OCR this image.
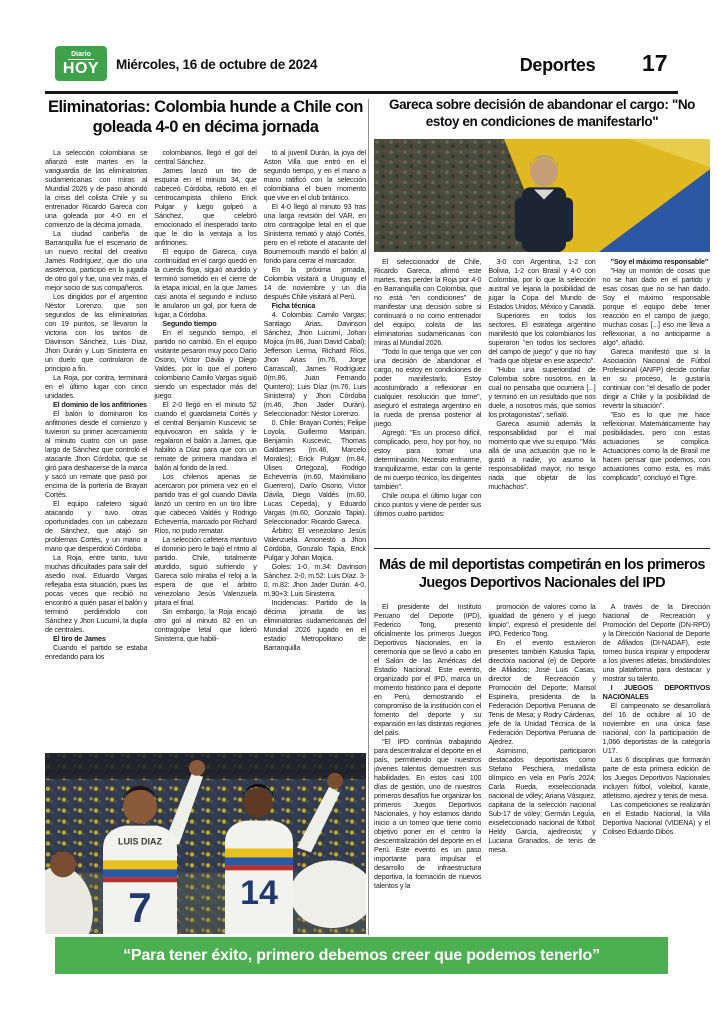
Diario
HOY Miércoles, 16 de octubre de 2024	Deportes	17
Eliminatorias: Colombia hunde a Chile con goleada 4-0 en décima jornada

La selección colombiana se afianzó este martes en la vanguardia de las eliminatorias sudamericanas con miras al Mundial 2026 y de paso ahondó la crisis del colista Chile y su entrenador Ricardo Gareca con una goleada por 4-0 en el comienzo de la décima jornada.

La ciudad caribeña de Barranquilla fue el escenario de un nuevo recital del creativo James Rodríguez, que dio una asistencia, participó en la jugada de otro gol y fue, una vez más, el mejor socio de sus compañeros.

Los dirigidos por el argentino Néstor Lorenzo, que son segundos de las eliminatorias con 19 puntos, se llevaron la victoria con los tantos de Davinson Sánchez, Luis Díaz, Jhon Durán y Luis Sinisterra en un duelo que controlaron de principio a fin.

La Roja, por contra, terminará en el último lugar con cinco unidades.

El dominio de los anfitriones

El balón lo dominaron los anfitriones desde el comienzo y tuvieron su primer acercamiento al minuto cuatro con un pase largo de Sánchez que controló el atacante Jhon Córdoba, que se giró para deshacerse de la marca y sacó un remate que pasó por encima de la portería de Brayan Cortés.

El equipo cafetero siguió atacando y tuvo otras oportunidades con un cabezazo de Sánchez, que atajó sin problemas Cortés, y un mano a mano que desperdició Córdoba.

La Roja, entre tanto, tuvo muchas dificultades para salir del asedio rival. Eduardo Vargas reflejaba esta situación, pues las pocas veces que recibió no encontró a quién pasar el balón y terminó perdiéndolo con Sánchez y Jhon Lucumí, la dupla de centrales.

El tiro de James

Cuando el partido se estaba enredando para los

colombianos, llegó el gol del central Sánchez.

James lanzó un tiro de esquina en el minuto 34, que cabeceó Córdoba, rebotó en el centrocampista chileno Erick Pulgar y luego golpeó a Sánchez, que celebró emocionado el inesperado tanto que le dio la ventaja a los anfitriones.

El equipo de Gareca, cuya continuidad en el cargo quedó en la cuerda floja, siguió aturdido y terminó sometido en el cierre de la etapa inicial, en la que James casi anota el segundo e incluso le anularon un gol, por fuera de lugar, a Córdoba.

Segundo tiempo

En el segundo tiempo, el partido no cambió. En el equipo visitante pesaron muy poco Darío Osorio, Víctor Dávila y Diego Valdés, por lo que el portero colombiano Camilo Vargas siguió siendo un espectador más del juego.

El 2-0 llegó en el minuto 52 cuando el guardameta Cortés y el central Benjamín Kuscevic se equivocaron en salida y le regalaron el balón a James, que habilitó a Díaz para que con un remate de primera mandara el balón al fondo de la red.

Los chilenos apenas se acercaron por primera vez en el partido tras el gol cuando Dávila lanzó un centro en un tiro libre que cabeceó Valdés y Rodrigo Echeverría, marcado por Richard Ríos, no pudo rematar.

La selección cafetera mantuvo el dominio pero le bajó el ritmo al partido. Chile, totalmente aturdido, siguió sufriendo y Gareca solo miraba el reloj a la espera de que el árbitro venezolano Jesús Valenzuela pitara el final.

Sin embargo, la Roja encajó otro gol al minuto 82 en un contragolpe letal que lideró Sinisterra, que habili-

tó al juvenil Durán, la joya del Aston Villa que entró en el segundo tiempo, y en el mano a mano ratificó con la selección colombiana el buen momento que vive en el club británico.

El 4-0 llegó al minuto 93 tras una larga revisión del VAR, en otro contragolpe letal en el que Sinisterra remató y atajó Cortés, pero en el rebote el atacante del Bournemouth mandó el balón al fondo para cerrar el marcador.

En la próxima jornada, Colombia visitará a Uruguay el 14 de noviembre y un día después Chile visitará al Perú.

Ficha técnica

4. Colombia: Camilo Vargas; Santiago Arias, Davinson Sánchez, Jhon Lucumí, Johan Mojica (m.86, Juan David Cabal); Jefferson Lerma, Richard Ríos, Jhon Arias (m.76, Jorge Carrascal), James Rodríguez 0(m.86, Juan Fernando Quintero); Luis Díaz (m.76, Luis Sinisterra) y Jhon Córdoba (m.46, Jhon Jader Durán). Seleccionador: Néstor Lorenzo.

0. Chile: Brayan Cortés; Felipe Loyola, Guillermo Maripán, Benjamín Kuscevic, Thomas Galdames (m.46, Marcelo Morales); Erick Pulgar (m.84, Ulises Ortegoza), Rodrigo Echeverría (m.60, Maximiliano Guerrero), Darío Osorio, Víctor Dávila, Diego Valdés (m.60, Lucas Cepeda), y Eduardo Vargas (m.60, Gonzalo Tapia). Seleccionador: Ricardo Gareca.

Árbitro: El venezolano Jesús Valenzuela. Amonestó a Jhon Córdoba, Gonzalo Tapia, Erick Pulgar y Johan Mojica.

Goles: 1-0, m.34: Davinson Sánchez. 2-0, m.52: Luis Díaz. 3-0, m.82: Jhon Jader Durán. 4-0, m.90+3: Luis Sinisterra.

Incidencias: Partido de la décima jornada de las eliminatorias sudamericanas del Mundial 2026 jugado en el estadio Metropolitano de Barranquilla

LUIS DIAZ
7	14
Gareca sobre decisión de abandonar el cargo: "No estoy en condiciones de manifestarlo"

El seleccionador de Chile, Ricardo Gareca, afirmó este martes, tras perder la Roja por 4-0 en Barranquilla con Colombia, que no está "en condiciones" de manifestar una decisión sobre si continuará o no como entrenador del equipo, colista de las eliminatorias sudamericanas con miras al Mundial 2026.

"Todo lo que tenga que ver con una decisión de abandonar el cargo, no estoy en condiciones de poder manifestarlo. Estoy acostumbrado a reflexionar en cualquier resolución que tome", aseguró el estratega argentino en la rueda de prensa posterior al juego.

Agregó: "Es un proceso difícil, complicado, pero, hoy por hoy, no estoy para tomar una determinación. Necesito enfriarme, tranquilizarme, estar con la gente de mi cuerpo técnico, los dirigentes también".

Chile ocupa el último lugar con cinco puntos y viene de perder sus últimos cuatro partidos:

3-0 con Argentina, 1-2 con Bolivia, 1-2 con Brasil y 4-0 con Colombia, por lo que la selección austral ve lejana la posibilidad de jugar la Copa del Mundo de Estados Unidos, México y Canadá.

Superiores en todos los sectores. El estratega argentino manifestó que los colombianos los superaron "en todos los sectores del campo de juego" y que no hay "nada que objetar en ese aspecto".

"Hubo una superioridad de Colombia sobre nosotros, en la cual no pensaba que ocurriera [...] y terminó en un resultado que nos duele, a nosotros más, que somos los protagonistas", señaló.

Gareca asumió además la responsabilidad por el mal momento que vive su equipo. "Más allá de una actuación que no le gustó a nadie, yo asumo la responsabilidad mayor, no tengo nada que objetar de los muchachos".

"Soy el máximo responsable"

"Hay un montón de cosas que no se han dado en el partido y esas cosas que no se han dado. Soy el máximo responsable porque el equipo debe tener reacción en el campo de juego, muchas cosas [...] eso me lleva a reflexionar, a no anticiparme a algo", añadió.

Gareca manifestó que si la Asociación Nacional de Fútbol Profesional (ANFP) decide confiar en su proceso, le gustaría continuar con "el desafío de poder dirigir a Chile y la posibilidad de revertir la situación".

"Eso es lo que me hace reflexionar. Matemáticamente hay posibilidades, pero con estas actuaciones se complica. Actuaciones como la de Brasil me hacen pensar que podemos, con actuaciones como esta, es más complicado", concluyó el Tigre.

Más de mil deportistas competirán en los primeros Juegos Deportivos Nacionales del IPD

El presidente del Instituto Peruano del Deporte (IPD), Federico Tong, presentó oficialmente los primeros Juegos Deportivos Nacionales, en la ceremonia que se llevó a cabo en el Salón de las Américas del Estadio Nacional. Este evento, organizado por el IPD, marca un momento histórico para el deporte en Perú, demostrando el compromiso de la institución con el fomento del deporte y su expansión en las distintas regiones del país.

"El IPD continúa trabajando para descentralizar el deporte en el país, permitiendo que nuestros jóvenes talentos demuestren sus habilidades. En estos casi 100 días de gestión, uno de nuestros primeros desafíos fue organizar los primeros Juegos Deportivos Nacionales, y hoy estamos dando inicio a un torneo que tiene como objetivo poner en el centro la descentralización del deporte en el Perú. Este evento es un paso importante para impulsar el desarrollo de infraestructura deportiva, la formación de nuevos talentos y la

promoción de valores como la igualdad de género y el juego limpio", expresó el presidente del IPD, Federico Tong.

En el evento estuvieron presentes también Katuska Tapia, directora nacional (e) de Deporte de Afiliados; José Luis Casas, director de Recreación y Promoción del Deporte; Marisol Espinelra, presidenta de la Federación Deportiva Peruana de Tenis de Mesa; y Rodry Cárdenas, jefe de la Unidad Técnica de la Federación Deportiva Peruana de Ajedrez.

Asimismo, participaron destacados deportistas como Stefano Peschiera, medallista olímpico en vela en París 2024; Carla Rueda, exseleccionada nacional de vóley; Ariana Vásquez, capitana de la selección nacional Sub-17 de vóley; Germán Leguía, exseleccionado nacional de fútbol; Heldy García, ajedrecista; y Luciana Granados, de tenis de mesa.

A través de la Dirección Nacional de Recreación y Promoción del Deporte (DN-RPD) y la Dirección Nacional de Deporte de Afiliados (DI-NADAF), este torneo busca inspirar y empoderar a los jóvenes atletas, brindándoles una plataforma para destacar y mostrar su talento.

I JUEGOS DEPORTIVOS NACIONALES

El campeonato se desarrollará del 16 de octubre al 10 de noviembre en una única fase nacional, con la participación de 1,066 deportistas de la categoría U17.

Las 6 disciplinas que formarán parte de esta primera edición de los Juegos Deportivos Nacionales incluyen fútbol, voleibol, karate, atletismo, ajedrez y tenis de mesa.

Las competiciones se realizarán en el Estadio Nacional, la Villa Deportiva Nacional (VIDENA) y el Coliseo Eduardo Dibós.

“Para tener éxito, primero debemos creer que podemos tenerlo”
